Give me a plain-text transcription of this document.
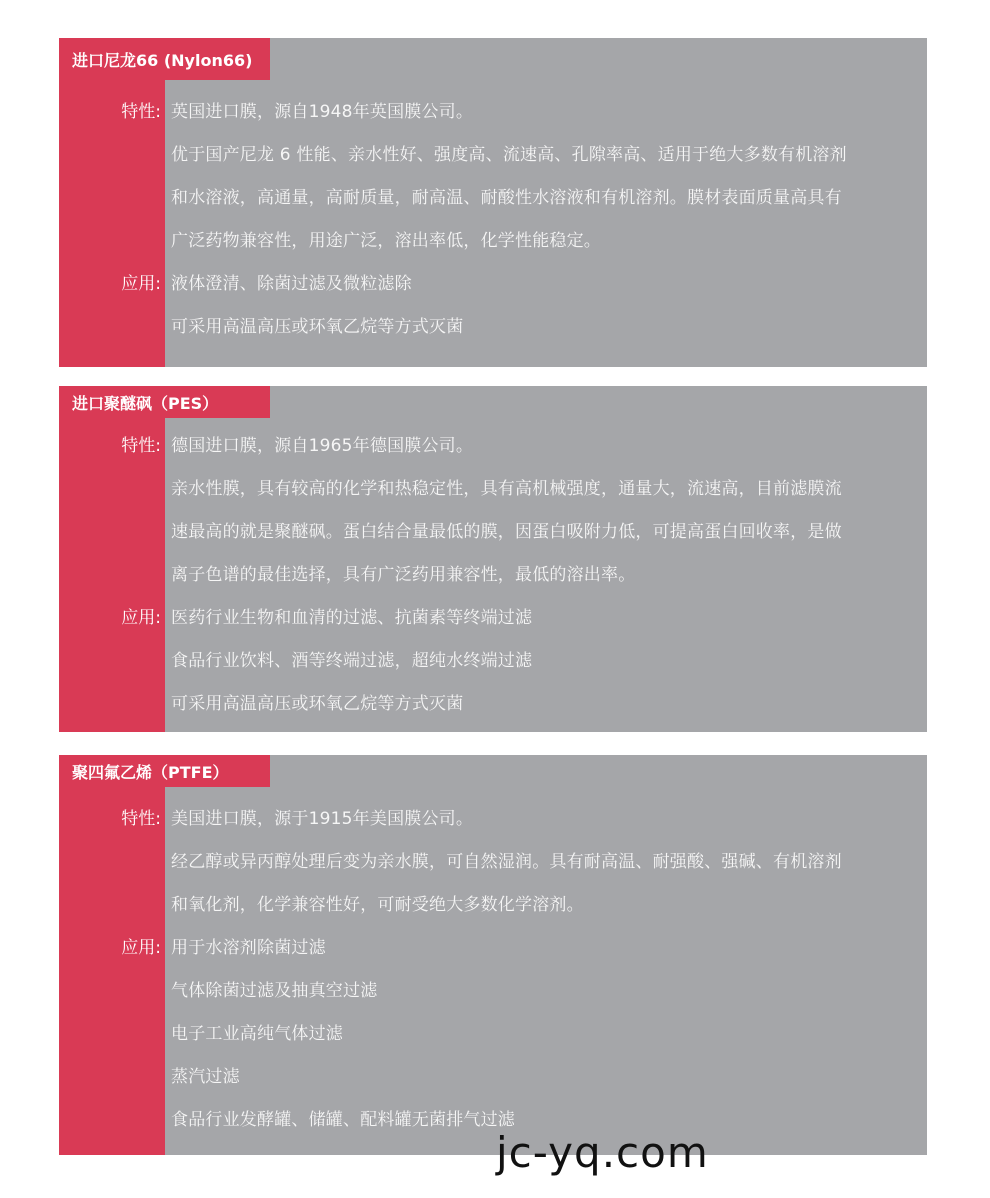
进口尼龙66 (Nylon66)
特性: 英国进口膜，源自1948年英国膜公司。
优于国产尼龙 6 性能、亲水性好、强度高、流速高、孔隙率高、适用于绝大多数有机溶剂
和水溶液，高通量，高耐质量，耐高温、耐酸性水溶液和有机溶剂。膜材表面质量高具有
广泛药物兼容性，用途广泛，溶出率低，化学性能稳定。
应用: 液体澄清、除菌过滤及微粒滤除
可采用高温高压或环氧乙烷等方式灭菌
进口聚醚砜（PES）
特性: 德国进口膜，源自1965年德国膜公司。
亲水性膜，具有较高的化学和热稳定性，具有高机械强度，通量大，流速高，目前滤膜流
速最高的就是聚醚砜。蛋白结合量最低的膜，因蛋白吸附力低，可提高蛋白回收率，是做
离子色谱的最佳选择，具有广泛药用兼容性，最低的溶出率。
应用: 医药行业生物和血清的过滤、抗菌素等终端过滤
食品行业饮料、酒等终端过滤，超纯水终端过滤
可采用高温高压或环氧乙烷等方式灭菌
聚四氟乙烯（PTFE）
特性: 美国进口膜，源于1915年美国膜公司。
经乙醇或异丙醇处理后变为亲水膜，可自然湿润。具有耐高温、耐强酸、强碱、有机溶剂
和氧化剂，化学兼容性好，可耐受绝大多数化学溶剂。
应用: 用于水溶剂除菌过滤
气体除菌过滤及抽真空过滤
电子工业高纯气体过滤
蒸汽过滤
食品行业发酵罐、储罐、配料罐无菌排气过滤
jc-yq.com
